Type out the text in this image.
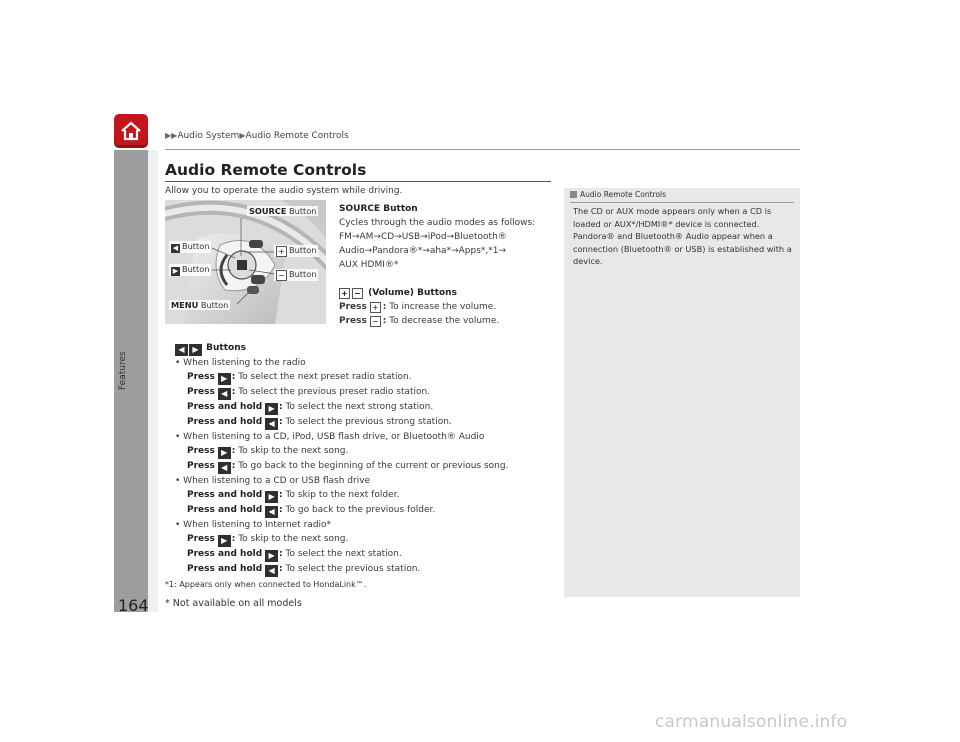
▶▶Audio System▶Audio Remote Controls
Features
164 * Not available on all models
Audio Remote Controls
Allow you to operate the audio system while driving.
SOURCE Button
◀ Button
▶ Button
+ Button
− Button
MENU Button
SOURCE Button
Cycles through the audio modes as follows:
FM→AM→CD→USB→iPod→Bluetooth®
Audio→Pandora®*→aha*→Apps*,*1→
AUX HDMI®*
+ − (Volume) Buttons
Press + : To increase the volume.
Press − : To decrease the volume.
◀ ▶ Buttons
• When listening to the radio
Press ▶ : To select the next preset radio station.
Press ◀ : To select the previous preset radio station.
Press and hold ▶ : To select the next strong station.
Press and hold ◀ : To select the previous strong station.
• When listening to a CD, iPod, USB flash drive, or Bluetooth® Audio
Press ▶ : To skip to the next song.
Press ◀ : To go back to the beginning of the current or previous song.
• When listening to a CD or USB flash drive
Press and hold ▶ : To skip to the next folder.
Press and hold ◀ : To go back to the previous folder.
• When listening to Internet radio*
Press ▶ : To skip to the next song.
Press and hold ▶ : To select the next station.
Press and hold ◀ : To select the previous station.
*1: Appears only when connected to HondaLink™.
Audio Remote Controls
The CD or AUX mode appears only when a CD is loaded or AUX*/HDMI®* device is connected. Pandora® and Bluetooth® Audio appear when a connection (Bluetooth® or USB) is established with a device.
carmanualsonline.info
